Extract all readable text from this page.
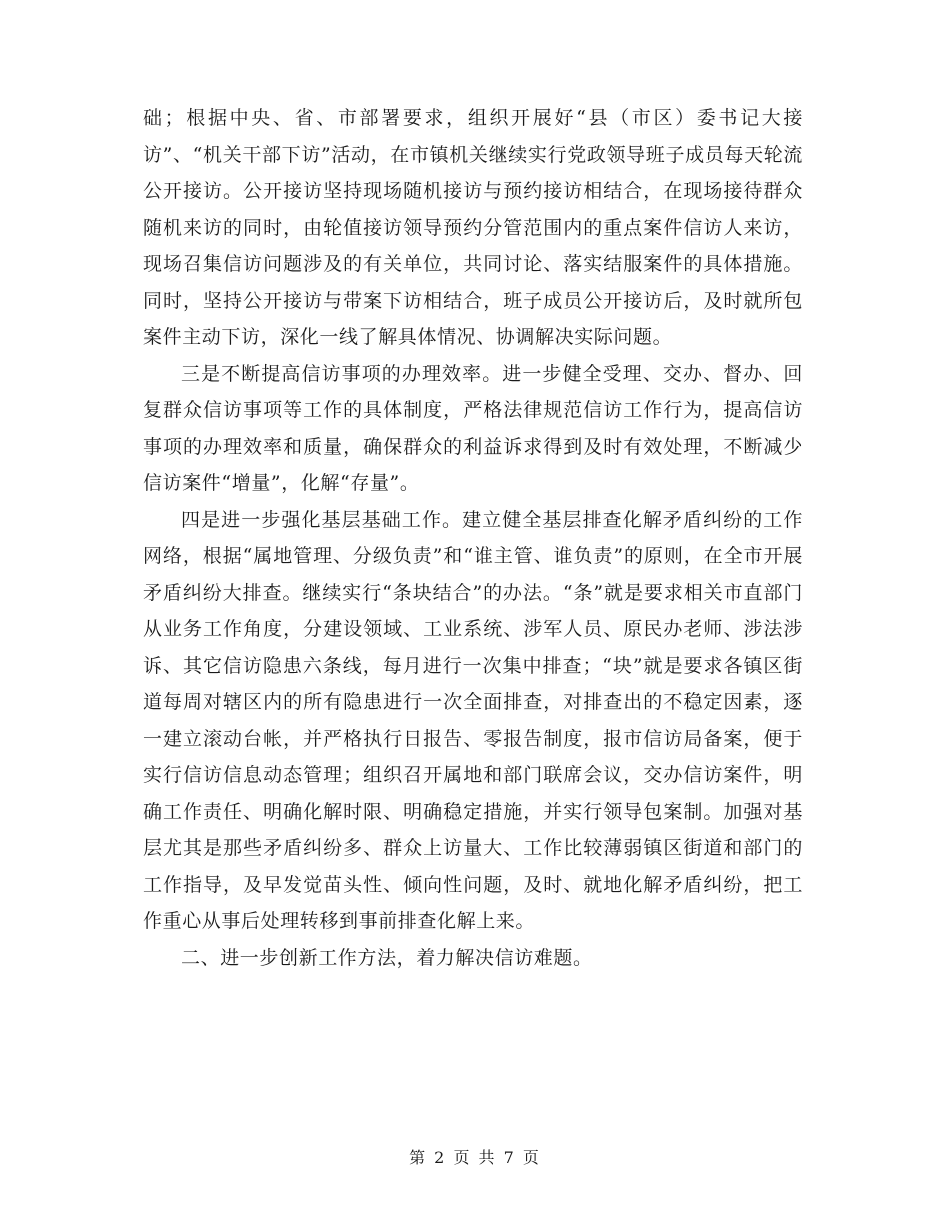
础；根据中央、省、市部署要求，组织开展好“县（市区）委书记大接访”、“机关干部下访”活动，在市镇机关继续实行党政领导班子成员每天轮流公开接访。公开接访坚持现场随机接访与预约接访相结合，在现场接待群众随机来访的同时，由轮值接访领导预约分管范围内的重点案件信访人来访，现场召集信访问题涉及的有关单位，共同讨论、落实结服案件的具体措施。同时，坚持公开接访与带案下访相结合，班子成员公开接访后，及时就所包案件主动下访，深化一线了解具体情况、协调解决实际问题。

三是不断提高信访事项的办理效率。进一步健全受理、交办、督办、回复群众信访事项等工作的具体制度，严格法律规范信访工作行为，提高信访事项的办理效率和质量，确保群众的利益诉求得到及时有效处理，不断减少信访案件“增量”，化解“存量”。

四是进一步强化基层基础工作。建立健全基层排查化解矛盾纠纷的工作网络，根据“属地管理、分级负责”和“谁主管、谁负责”的原则，在全市开展矛盾纠纷大排查。继续实行“条块结合”的办法。“条”就是要求相关市直部门从业务工作角度，分建设领域、工业系统、涉军人员、原民办老师、涉法涉诉、其它信访隐患六条线，每月进行一次集中排查；“块”就是要求各镇区街道每周对辖区内的所有隐患进行一次全面排查，对排查出的不稳定因素，逐一建立滚动台帐，并严格执行日报告、零报告制度，报市信访局备案，便于实行信访信息动态管理；组织召开属地和部门联席会议，交办信访案件，明确工作责任、明确化解时限、明确稳定措施，并实行领导包案制。加强对基层尤其是那些矛盾纠纷多、群众上访量大、工作比较薄弱镇区街道和部门的工作指导，及早发觉苗头性、倾向性问题，及时、就地化解矛盾纠纷，把工作重心从事后处理转移到事前排查化解上来。

二、进一步创新工作方法，着力解决信访难题。

第 2 页 共 7 页
